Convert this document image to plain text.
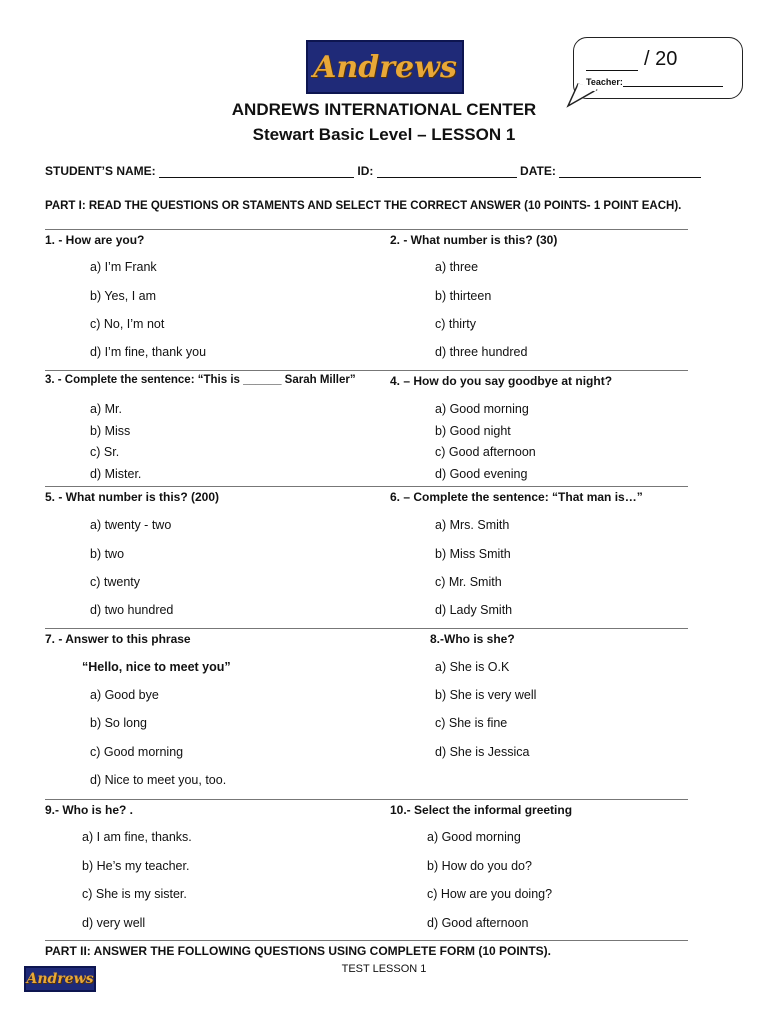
Andrews	/ 20
Teacher:
ANDREWS INTERNATIONAL CENTER
Stewart Basic Level – LESSON 1
STUDENT’S NAME:	ID:	DATE:
PART I: READ THE QUESTIONS OR STAMENTS AND SELECT THE CORRECT ANSWER (10 POINTS- 1 POINT EACH).
1. - How are you?
a) I’m Frank
b) Yes, I am
c) No, I’m not
d) I’m fine, thank you
2. - What number is this? (30)
a) three
b) thirteen
c) thirty
d) three hundred
3. - Complete the sentence: “This is ______ Sarah Miller”
a) Mr.
b) Miss
c) Sr.
d) Mister.
4. – How do you say goodbye at night?
a) Good morning
b) Good night
c) Good afternoon
d) Good evening
5. - What number is this? (200)
a) twenty - two
b) two
c) twenty
d) two hundred
6. – Complete the sentence: “That man is…”
a) Mrs. Smith
b) Miss Smith
c) Mr. Smith
d) Lady Smith
7. - Answer to this phrase
“Hello, nice to meet you”
a) Good bye
b) So long
c) Good morning
d) Nice to meet you, too.
8.-Who is she?
a) She is O.K
b) She is very well
c) She is fine
d) She is Jessica
9.- Who is he? .
a) I am fine, thanks.
b) He’s my teacher.
c) She is my sister.
d) very well
10.- Select the informal greeting
a) Good morning
b) How do you do?
c) How are you doing?
d) Good afternoon
PART II: ANSWER THE FOLLOWING QUESTIONS USING COMPLETE FORM (10 POINTS).
Andrews
TEST LESSON 1
